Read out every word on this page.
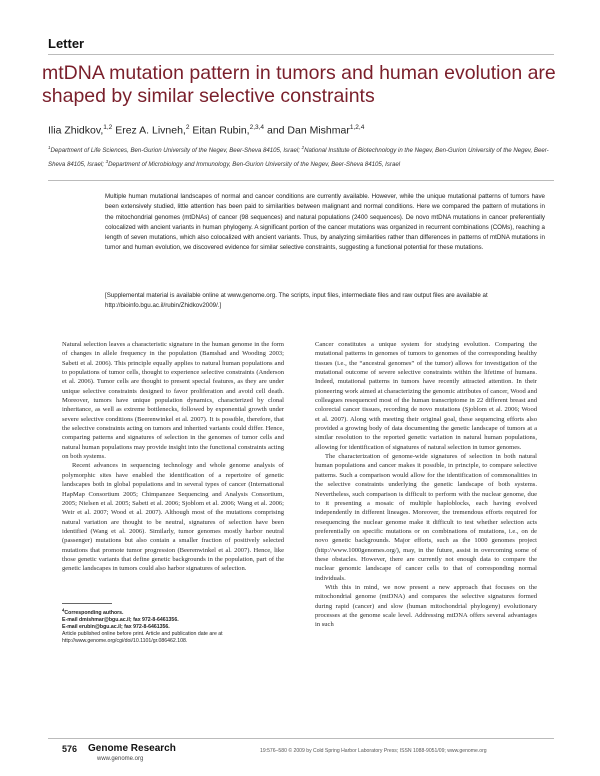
Letter
mtDNA mutation pattern in tumors and human evolution are shaped by similar selective constraints
Ilia Zhidkov,$^{1,2}$ Erez A. Livneh,$^2$ Eitan Rubin,$^{2,3,4}$ and Dan Mishmar$^{1,2,4}$
$^1$Department of Life Sciences, Ben-Gurion University of the Negev, Beer-Sheva 84105, Israel; $^2$National Institute of Biotechnology in the Negev, Ben-Gurion University of the Negev, Beer-Sheva 84105, Israel; $^3$Department of Microbiology and Immunology, Ben-Gurion University of the Negev, Beer-Sheva 84105, Israel
Multiple human mutational landscapes of normal and cancer conditions are currently available. However, while the unique mutational patterns of tumors have been extensively studied, little attention has been paid to similarities between malignant and normal conditions. Here we compared the pattern of mutations in the mitochondrial genomes (mtDNAs) of cancer (98 sequences) and natural populations (2400 sequences). De novo mtDNA mutations in cancer preferentially colocalized with ancient variants in human phylogeny. A significant portion of the cancer mutations was organized in recurrent combinations (COMs), reaching a length of seven mutations, which also colocalized with ancient variants. Thus, by analyzing similarities rather than differences in patterns of mtDNA mutations in tumor and human evolution, we discovered evidence for similar selective constraints, suggesting a functional potential for these mutations.
[Supplemental material is available online at www.genome.org. The scripts, input files, intermediate files and raw output files are available at http://bioinfo.bgu.ac.il/rubin/Zhidkov2009/.]

Natural selection leaves a characteristic signature in the human genome in the form of changes in allele frequency in the population (Bamshad and Wooding 2003; Sabeti et al. 2006). This principle equally applies to natural human populations and to populations of tumor cells, thought to experience selective constraints (Anderson et al. 2006). Tumor cells are thought to present special features, as they are under unique selective constraints designed to favor proliferation and avoid cell death. Moreover, tumors have unique population dynamics, characterized by clonal inheritance, as well as extreme bottlenecks, followed by exponential growth under severe selective conditions (Beerenwinkel et al. 2007). It is possible, therefore, that the selective constraints acting on tumors and inherited variants could differ. Hence, comparing patterns and signatures of selection in the genomes of tumor cells and natural human populations may provide insight into the functional constraints acting on both systems.

Recent advances in sequencing technology and whole genome analysis of polymorphic sites have enabled the identification of a repertoire of genetic landscapes both in global populations and in several types of cancer (International HapMap Consortium 2005; Chimpanzee Sequencing and Analysis Consortium, 2005; Nielsen et al. 2005; Sabeti et al. 2006; Sjoblom et al. 2006; Wang et al. 2006; Weir et al. 2007; Wood et al. 2007). Although most of the mutations comprising natural variation are thought to be neutral, signatures of selection have been identified (Wang et al. 2006). Similarly, tumor genomes mostly harbor neutral (passenger) mutations but also contain a smaller fraction of positively selected mutations that promote tumor progression (Beerenwinkel et al. 2007). Hence, like those genetic variants that define genetic backgrounds in the population, part of the genetic landscapes in tumors could also harbor signatures of selection.

Cancer constitutes a unique system for studying evolution. Comparing the mutational patterns in genomes of tumors to genomes of the corresponding healthy tissues (i.e., the “ancestral genomes” of the tumor) allows for investigation of the mutational outcome of severe selective constraints within the lifetime of humans. Indeed, mutational patterns in tumors have recently attracted attention. In their pioneering work aimed at characterizing the genomic attributes of cancer, Wood and colleagues resequenced most of the human transcriptome in 22 different breast and colorectal cancer tissues, recording de novo mutations (Sjoblom et al. 2006; Wood et al. 2007). Along with meeting their original goal, these sequencing efforts also provided a growing body of data documenting the genetic landscape of tumors at a similar resolution to the reported genetic variation in natural human populations, allowing for identification of signatures of natural selection in tumor genomes.

The characterization of genome-wide signatures of selection in both natural human populations and cancer makes it possible, in principle, to compare selective patterns. Such a comparison would allow for the identification of commonalities in the selective constraints underlying the genetic landscape of both systems. Nevertheless, such comparison is difficult to perform with the nuclear genome, due to it presenting a mosaic of multiple haploblocks, each having evolved independently in different lineages. Moreover, the tremendous efforts required for resequencing the nuclear genome make it difficult to test whether selection acts preferentially on specific mutations or on combinations of mutations, i.e., on de novo genetic backgrounds. Major efforts, such as the 1000 genomes project (http://www.1000genomes.org/), may, in the future, assist in overcoming some of these obstacles. However, there are currently not enough data to compare the nuclear genomic landscape of cancer cells to that of corresponding normal individuals.

With this in mind, we now present a new approach that focuses on the mitochondrial genome (mtDNA) and compares the selective signatures formed during rapid (cancer) and slow (human mitochondrial phylogeny) evolutionary processes at the genome scale level. Addressing mtDNA offers several advantages in such

$^4$Corresponding authors.
E-mail dmishmar@bgu.ac.il; fax 972-8-6461356.
E-mail erubin@bgu.ac.il; fax 972-8-6461356.
Article published online before print. Article and publication date are at http://www.genome.org/cgi/doi/10.1101/gr.086462.108.
576 Genome Research
www.genome.org
19:576–580 © 2009 by Cold Spring Harbor Laboratory Press; ISSN 1088-9051/09; www.genome.org
